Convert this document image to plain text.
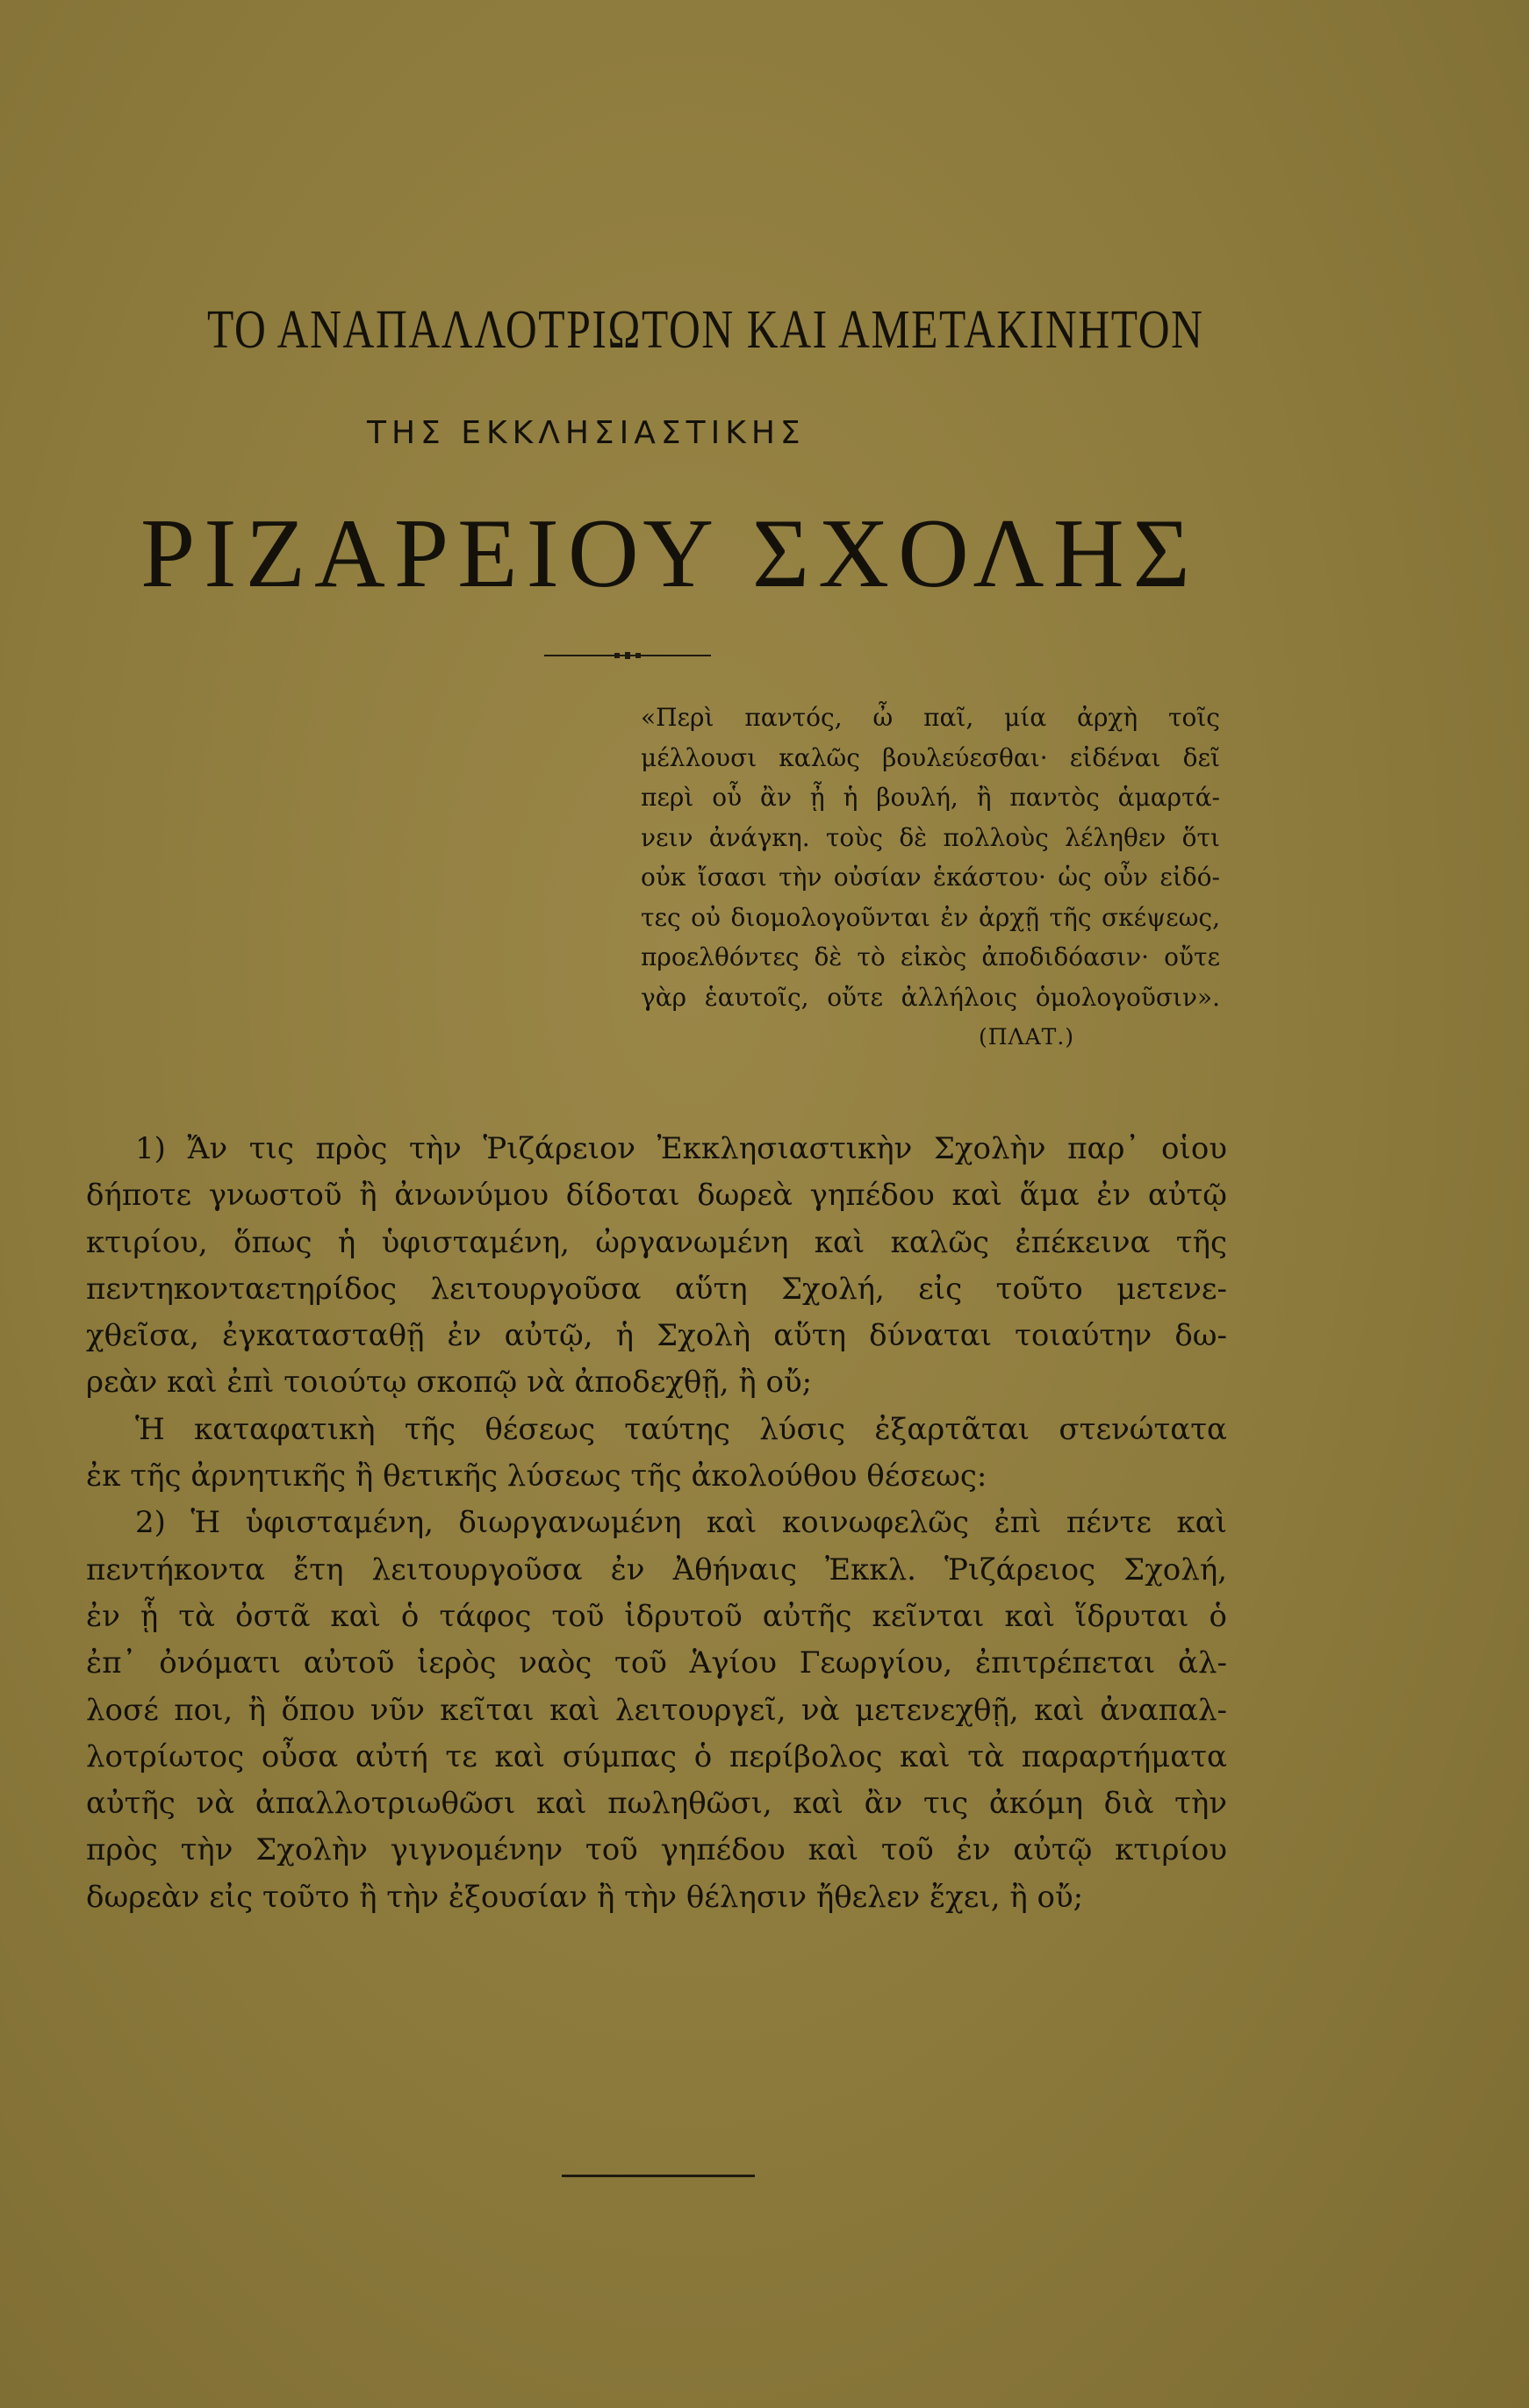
ΤΟ ΑΝΑΠΑΛΛΟΤΡΙΩΤΟΝ ΚΑΙ ΑΜΕΤΑΚΙΝΗΤΟΝ
ΤΗΣ ΕΚΚΛΗΣΙΑΣΤΙΚΗΣ
ΡΙΖΑΡΕΙΟΥ ΣΧΟΛΗΣ
«Περὶ παντός, ὦ παῖ, μία ἀρχὴ τοῖς
μέλλουσι καλῶς βουλεύεσθαι· εἰδέναι δεῖ
περὶ οὗ ἂν ᾖ ἡ βουλή, ἢ παντὸς ἁμαρτά-
νειν ἀνάγκη. τοὺς δὲ πολλοὺς λέληθεν ὅτι
οὐκ ἴσασι τὴν οὐσίαν ἑκάστου· ὡς οὖν εἰδό-
τες οὐ διομολογοῦνται ἐν ἀρχῇ τῆς σκέψεως,
προελθόντες δὲ τὸ εἰκὸς ἀποδιδόασιν· οὔτε
γὰρ ἑαυτοῖς, οὔτε ἀλλήλοις ὁμολογοῦσιν».
(ΠΛΑΤ.)
1) Ἄν τις πρὸς τὴν Ῥιζάρειον Ἐκκλησιαστικὴν Σχολὴν παρ᾽ οἱου
δήποτε γνωστοῦ ἢ ἀνωνύμου δίδοται δωρεὰ γηπέδου καὶ ἅμα ἐν αὐτῷ
κτιρίου, ὅπως ἡ ὑφισταμένη, ὠργανωμένη καὶ καλῶς ἐπέκεινα τῆς
πεντηκονταετηρίδος λειτουργοῦσα αὕτη Σχολή, εἰς τοῦτο μετενε-
χθεῖσα, ἐγκατασταθῇ ἐν αὐτῷ, ἡ Σχολὴ αὕτη δύναται τοιαύτην δω-
ρεὰν καὶ ἐπὶ τοιούτῳ σκοπῷ νὰ ἀποδεχθῇ, ἢ οὔ;
Ἡ καταφατικὴ τῆς θέσεως ταύτης λύσις ἐξαρτᾶται στενώτατα
ἐκ τῆς ἀρνητικῆς ἢ θετικῆς λύσεως τῆς ἀκολούθου θέσεως:
2) Ἡ ὑφισταμένη, διωργανωμένη καὶ κοινωφελῶς ἐπὶ πέντε καὶ
πεντήκοντα ἔτη λειτουργοῦσα ἐν Ἀθήναις Ἐκκλ. Ῥιζάρειος Σχολή,
ἐν ᾗ τὰ ὀστᾶ καὶ ὁ τάφος τοῦ ἱδρυτοῦ αὐτῆς κεῖνται καὶ ἵδρυται ὁ
ἐπ᾽ ὀνόματι αὐτοῦ ἱερὸς ναὸς τοῦ Ἁγίου Γεωργίου, ἐπιτρέπεται ἀλ-
λοσέ ποι, ἢ ὅπου νῦν κεῖται καὶ λειτουργεῖ, νὰ μετενεχθῇ, καὶ ἀναπαλ-
λοτρίωτος οὖσα αὐτή τε καὶ σύμπας ὁ περίβολος καὶ τὰ παραρτήματα
αὐτῆς νὰ ἀπαλλοτριωθῶσι καὶ πωληθῶσι, καὶ ἂν τις ἀκόμη διὰ τὴν
πρὸς τὴν Σχολὴν γιγνομένην τοῦ γηπέδου καὶ τοῦ ἐν αὐτῷ κτιρίου
δωρεὰν εἰς τοῦτο ἢ τὴν ἐξουσίαν ἢ τὴν θέλησιν ἤθελεν ἔχει, ἢ οὔ;
